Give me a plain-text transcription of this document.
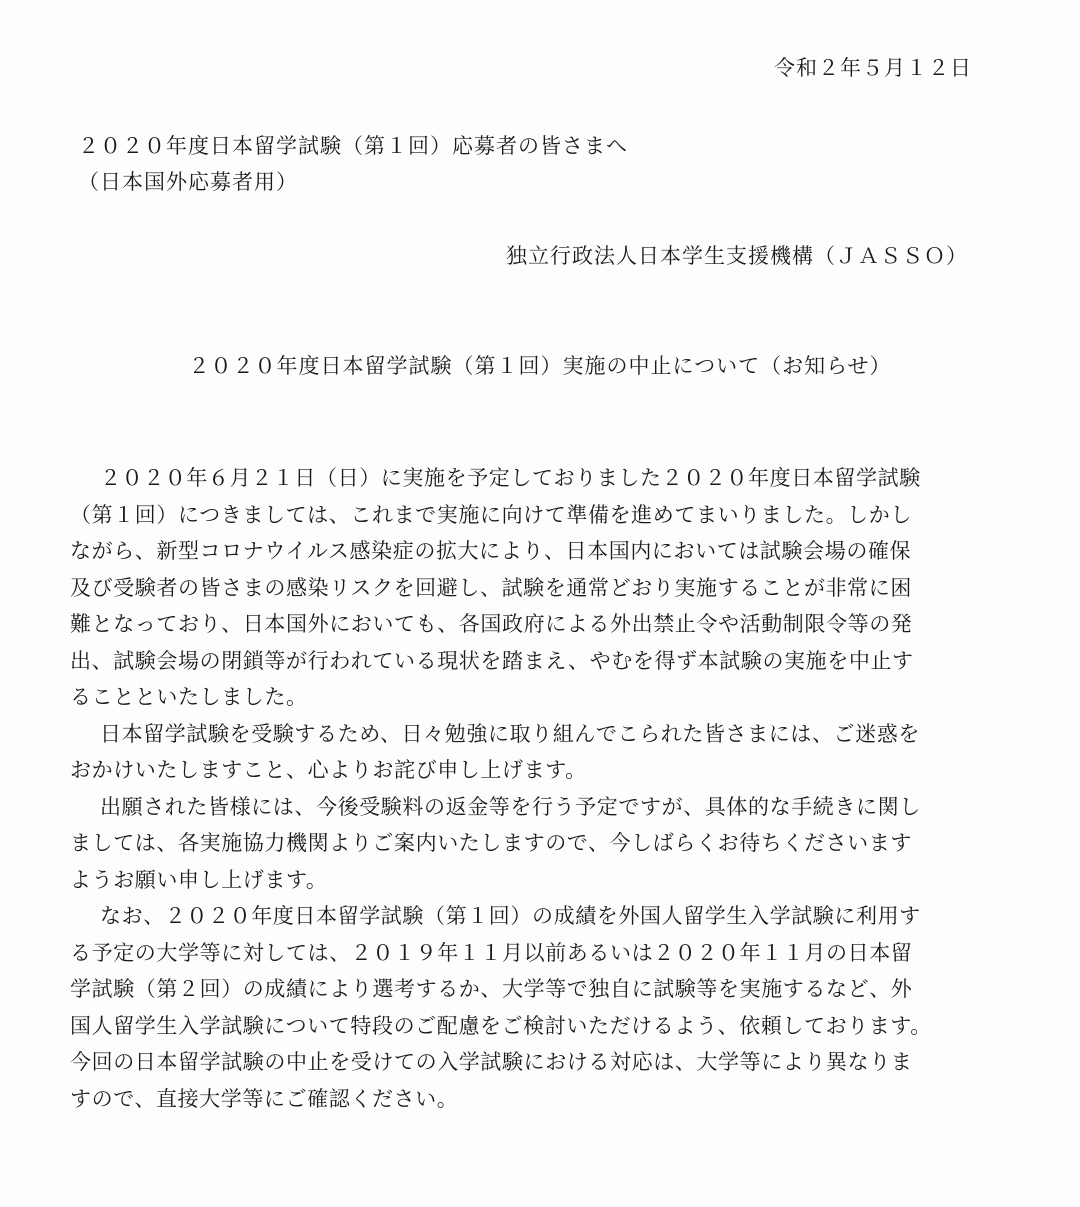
令和２年５月１２日
２０２０年度日本留学試験（第１回）応募者の皆さまへ
（日本国外応募者用）
独立行政法人日本学生支援機構（ＪＡＳＳＯ）
２０２０年度日本留学試験（第１回）実施の中止について（お知らせ）
２０２０年６月２１日（日）に実施を予定しておりました２０２０年度日本留学試験
（第１回）につきましては、これまで実施に向けて準備を進めてまいりました。しかし
ながら、新型コロナウイルス感染症の拡大により、日本国内においては試験会場の確保
及び受験者の皆さまの感染リスクを回避し、試験を通常どおり実施することが非常に困
難となっており、日本国外においても、各国政府による外出禁止令や活動制限令等の発
出、試験会場の閉鎖等が行われている現状を踏まえ、やむを得ず本試験の実施を中止す
ることといたしました。
日本留学試験を受験するため、日々勉強に取り組んでこられた皆さまには、ご迷惑を
おかけいたしますこと、心よりお詫び申し上げます。
出願された皆様には、今後受験料の返金等を行う予定ですが、具体的な手続きに関し
ましては、各実施協力機関よりご案内いたしますので、今しばらくお待ちくださいます
ようお願い申し上げます。
なお、２０２０年度日本留学試験（第１回）の成績を外国人留学生入学試験に利用す
る予定の大学等に対しては、２０１９年１１月以前あるいは２０２０年１１月の日本留
学試験（第２回）の成績により選考するか、大学等で独自に試験等を実施するなど、外
国人留学生入学試験について特段のご配慮をご検討いただけるよう、依頼しております。
今回の日本留学試験の中止を受けての入学試験における対応は、大学等により異なりま
すので、直接大学等にご確認ください。
